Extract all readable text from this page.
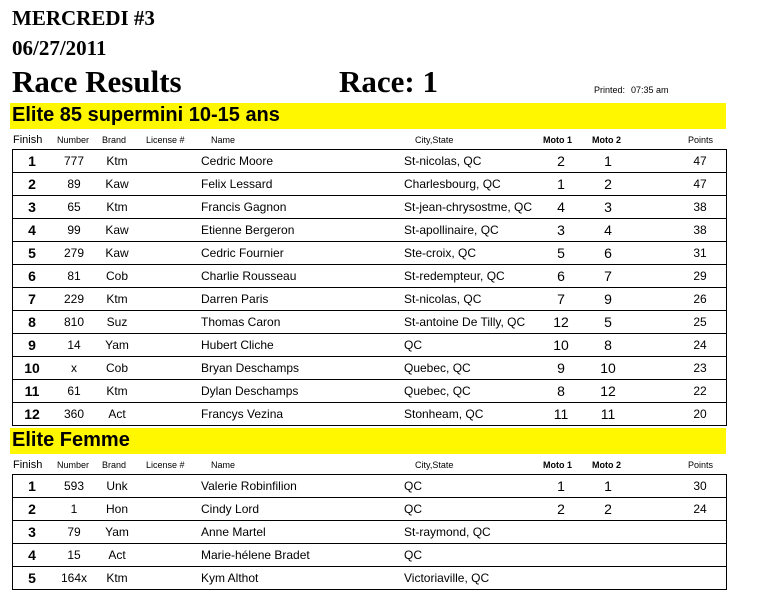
MERCREDI #3
06/27/2011
Race Results	Race: 1	Printed: 07:35 am
Elite 85 supermini 10-15 ans
Finish Number Brand License #	Name	City,State	Moto 1 Moto 2	Points
1	777	Ktm	Cedric Moore	St-nicolas, QC	2	1	47
2	89	Kaw	Felix Lessard	Charlesbourg, QC	1	2	47
3	65	Ktm	Francis Gagnon	St-jean-chrysostme, QC	4	3	38
4	99	Kaw	Etienne Bergeron	St-apollinaire, QC	3	4	38
5	279	Kaw	Cedric Fournier	Ste-croix, QC	5	6	31
6	81	Cob	Charlie Rousseau	St-redempteur, QC	6	7	29
7	229	Ktm	Darren Paris	St-nicolas, QC	7	9	26
8	810	Suz	Thomas Caron	St-antoine De Tilly, QC	12	5	25
9	14	Yam	Hubert Cliche	QC	10	8	24
10	x	Cob	Bryan Deschamps	Quebec, QC	9	10	23
11	61	Ktm	Dylan Deschamps	Quebec, QC	8	12	22
12	360	Act	Francys Vezina	Stonheam, QC	11	11	20
Elite Femme
Finish Number Brand License #	Name	City,State	Moto 1 Moto 2	Points
1	593	Unk	Valerie Robinfilion	QC	1	1	30
2	1	Hon	Cindy Lord	QC	2	2	24
3	79	Yam	Anne Martel	St-raymond, QC
4	15	Act	Marie-hélene Bradet	QC
5	164x	Ktm	Kym Althot	Victoriaville, QC
